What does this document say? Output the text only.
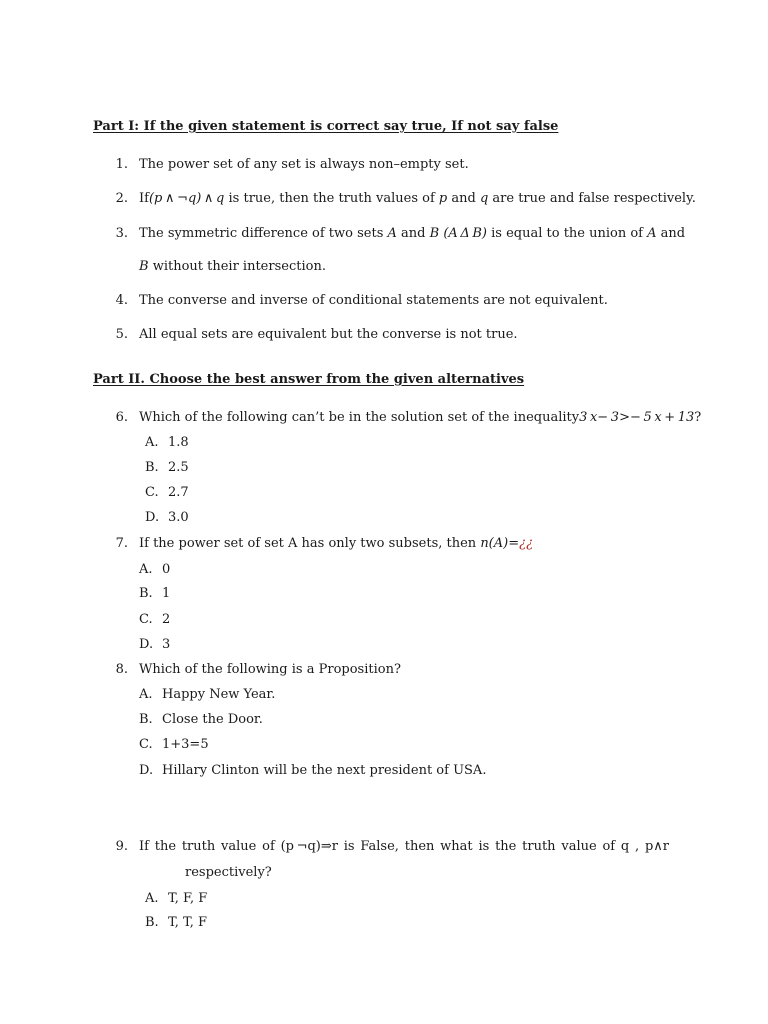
Part I: If the given statement is correct say true, If not say false
1. The power set of any set is always non–empty set.
2. If(p ∧ ¬q) ∧ q is true, then the truth values of p and q are true and false respectively.
3. The symmetric difference of two sets A and B (A Δ B) is equal to the union of A and
B without their intersection.
4. The converse and inverse of conditional statements are not equivalent.
5. All equal sets are equivalent but the converse is not true.
Part II. Choose the best answer from the given alternatives
6. Which of the following can’t be in the solution set of the inequality3 x− 3>− 5 x + 13?
A. 1.8
B. 2.5
C. 2.7
D. 3.0
7. If the power set of set A has only two subsets, then n(A)=¿¿
A. 0
B. 1
C. 2
D. 3
8. Which of the following is a Proposition?
A. Happy New Year.
B. Close the Door.
C. 1+3=5
D. Hillary Clinton will be the next president of USA.
9. If the truth value of (p ¬q)⇒r is False, then what is the truth value of q , p∧r
respectively?
A. T, F, F
B. T, T, F
